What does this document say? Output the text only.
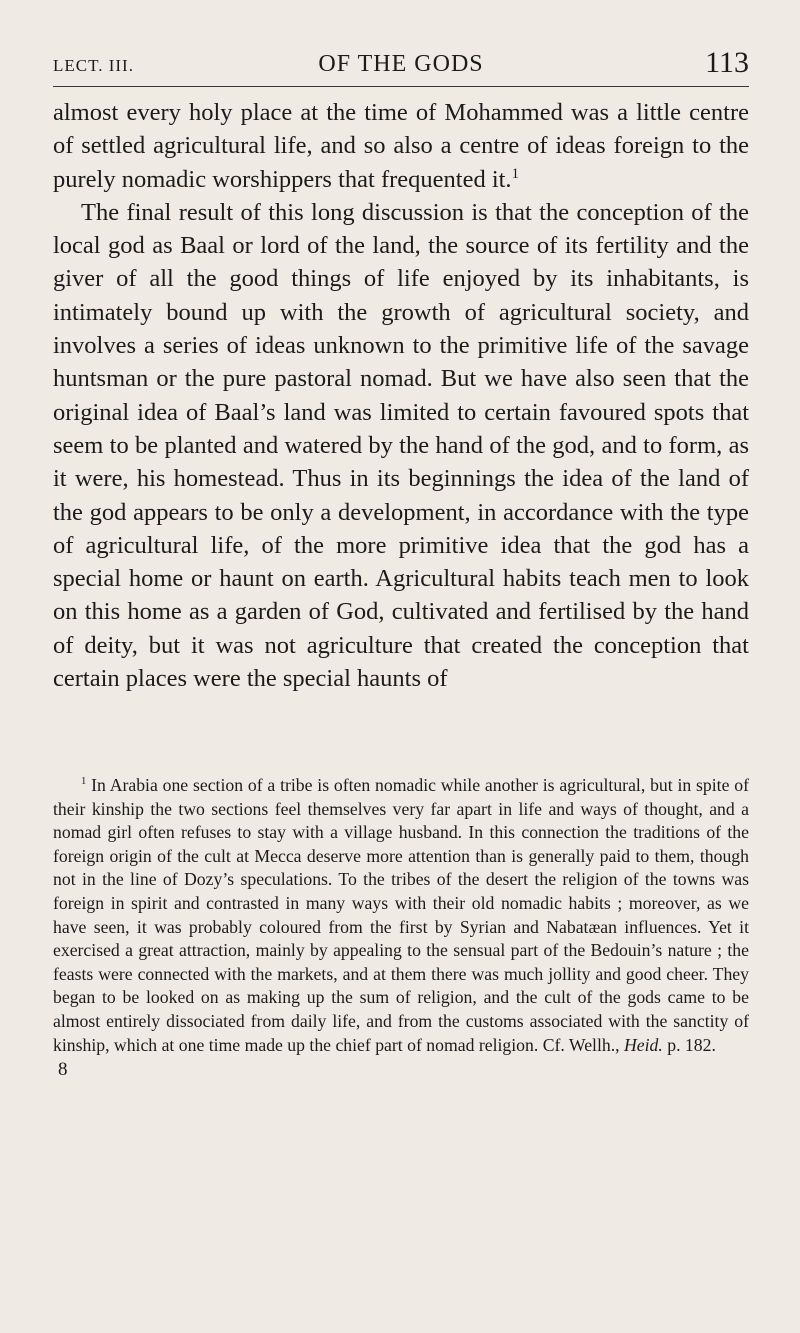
LECT. III.	OF THE GODS	113

almost every holy place at the time of Mohammed was a little centre of settled agricultural life, and so also a centre of ideas foreign to the purely nomadic worshippers that frequented it.$^1$

The final result of this long discussion is that the conception of the local god as Baal or lord of the land, the source of its fertility and the giver of all the good things of life enjoyed by its inhabitants, is intimately bound up with the growth of agricultural society, and involves a series of ideas unknown to the primitive life of the savage huntsman or the pure pastoral nomad. But we have also seen that the original idea of Baal’s land was limited to certain favoured spots that seem to be planted and watered by the hand of the god, and to form, as it were, his homestead. Thus in its beginnings the idea of the land of the god appears to be only a development, in accordance with the type of agricultural life, of the more primitive idea that the god has a special home or haunt on earth. Agricultural habits teach men to look on this home as a garden of God, cultivated and fertilised by the hand of deity, but it was not agriculture that created the conception that certain places were the special haunts of

$^1$ In Arabia one section of a tribe is often nomadic while another is agricultural, but in spite of their kinship the two sections feel themselves very far apart in life and ways of thought, and a nomad girl often refuses to stay with a village husband. In this connection the traditions of the foreign origin of the cult at Mecca deserve more attention than is generally paid to them, though not in the line of Dozy’s speculations. To the tribes of the desert the religion of the towns was foreign in spirit and contrasted in many ways with their old nomadic habits ; moreover, as we have seen, it was probably coloured from the first by Syrian and Nabatæan influences. Yet it exercised a great attraction, mainly by appealing to the sensual part of the Bedouin’s nature ; the feasts were connected with the markets, and at them there was much jollity and good cheer. They began to be looked on as making up the sum of religion, and the cult of the gods came to be almost entirely dissociated from daily life, and from the customs associated with the sanctity of kinship, which at one time made up the chief part of nomad religion. Cf. Wellh., Heid. p. 182.

8
